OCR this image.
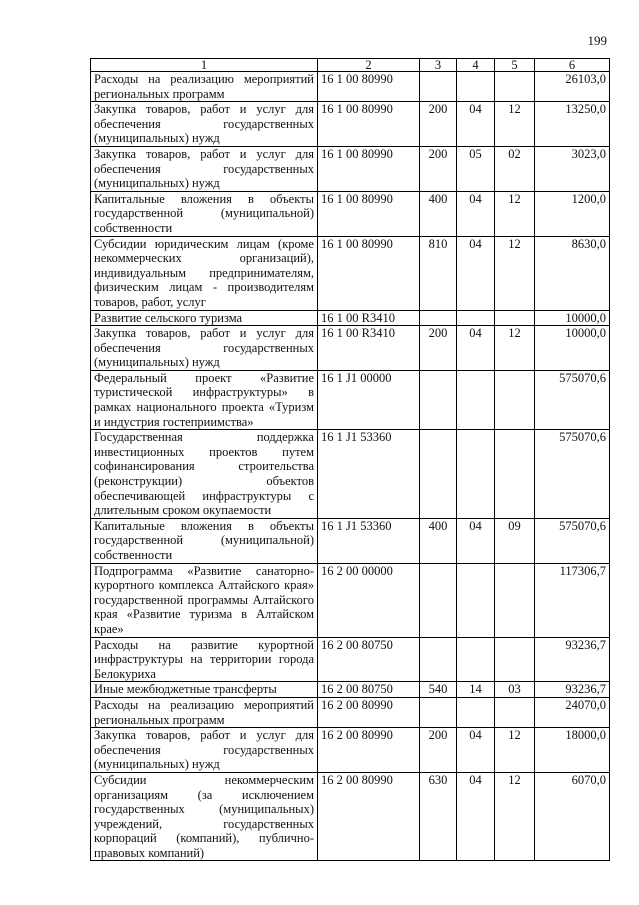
199
1	2	3	4	5	6
Расходы на реализацию мероприятий региональных программ	16 1 00 80990				26103,0
Закупка товаров, работ и услуг для обеспечения государственных (муниципальных) нужд	16 1 00 80990	200	04	12	13250,0
Закупка товаров, работ и услуг для обеспечения государственных (муниципальных) нужд	16 1 00 80990	200	05	02	3023,0
Капитальные вложения в объекты государственной (муниципальной) собственности	16 1 00 80990	400	04	12	1200,0
Субсидии юридическим лицам (кроме некоммерческих организаций), индивидуальным предпринимателям, физическим лицам - производителям товаров, работ, услуг	16 1 00 80990	810	04	12	8630,0
Развитие сельского туризма	16 1 00 R3410				10000,0
Закупка товаров, работ и услуг для обеспечения государственных (муниципальных) нужд	16 1 00 R3410	200	04	12	10000,0
Федеральный проект «Развитие туристической инфраструктуры» в рамках национального проекта «Туризм и индустрия гостеприимства»	16 1 J1 00000				575070,6
Государственная поддержка инвестиционных проектов путем софинансирования строительства (реконструкции) объектов обеспечивающей инфраструктуры с длительным сроком окупаемости	16 1 J1 53360				575070,6
Капитальные вложения в объекты государственной (муниципальной) собственности	16 1 J1 53360	400	04	09	575070,6
Подпрограмма «Развитие санаторно-курортного комплекса Алтайского края» государственной программы Алтайского края «Развитие туризма в Алтайском крае»	16 2 00 00000				117306,7
Расходы на развитие курортной инфраструктуры на территории города Белокуриха	16 2 00 80750				93236,7
Иные межбюджетные трансферты	16 2 00 80750	540	14	03	93236,7
Расходы на реализацию мероприятий региональных программ	16 2 00 80990				24070,0
Закупка товаров, работ и услуг для обеспечения государственных (муниципальных) нужд	16 2 00 80990	200	04	12	18000,0
Субсидии некоммерческим организациям (за исключением государственных (муниципальных) учреждений, государственных корпораций (компаний), публично-правовых компаний)	16 2 00 80990	630	04	12	6070,0
